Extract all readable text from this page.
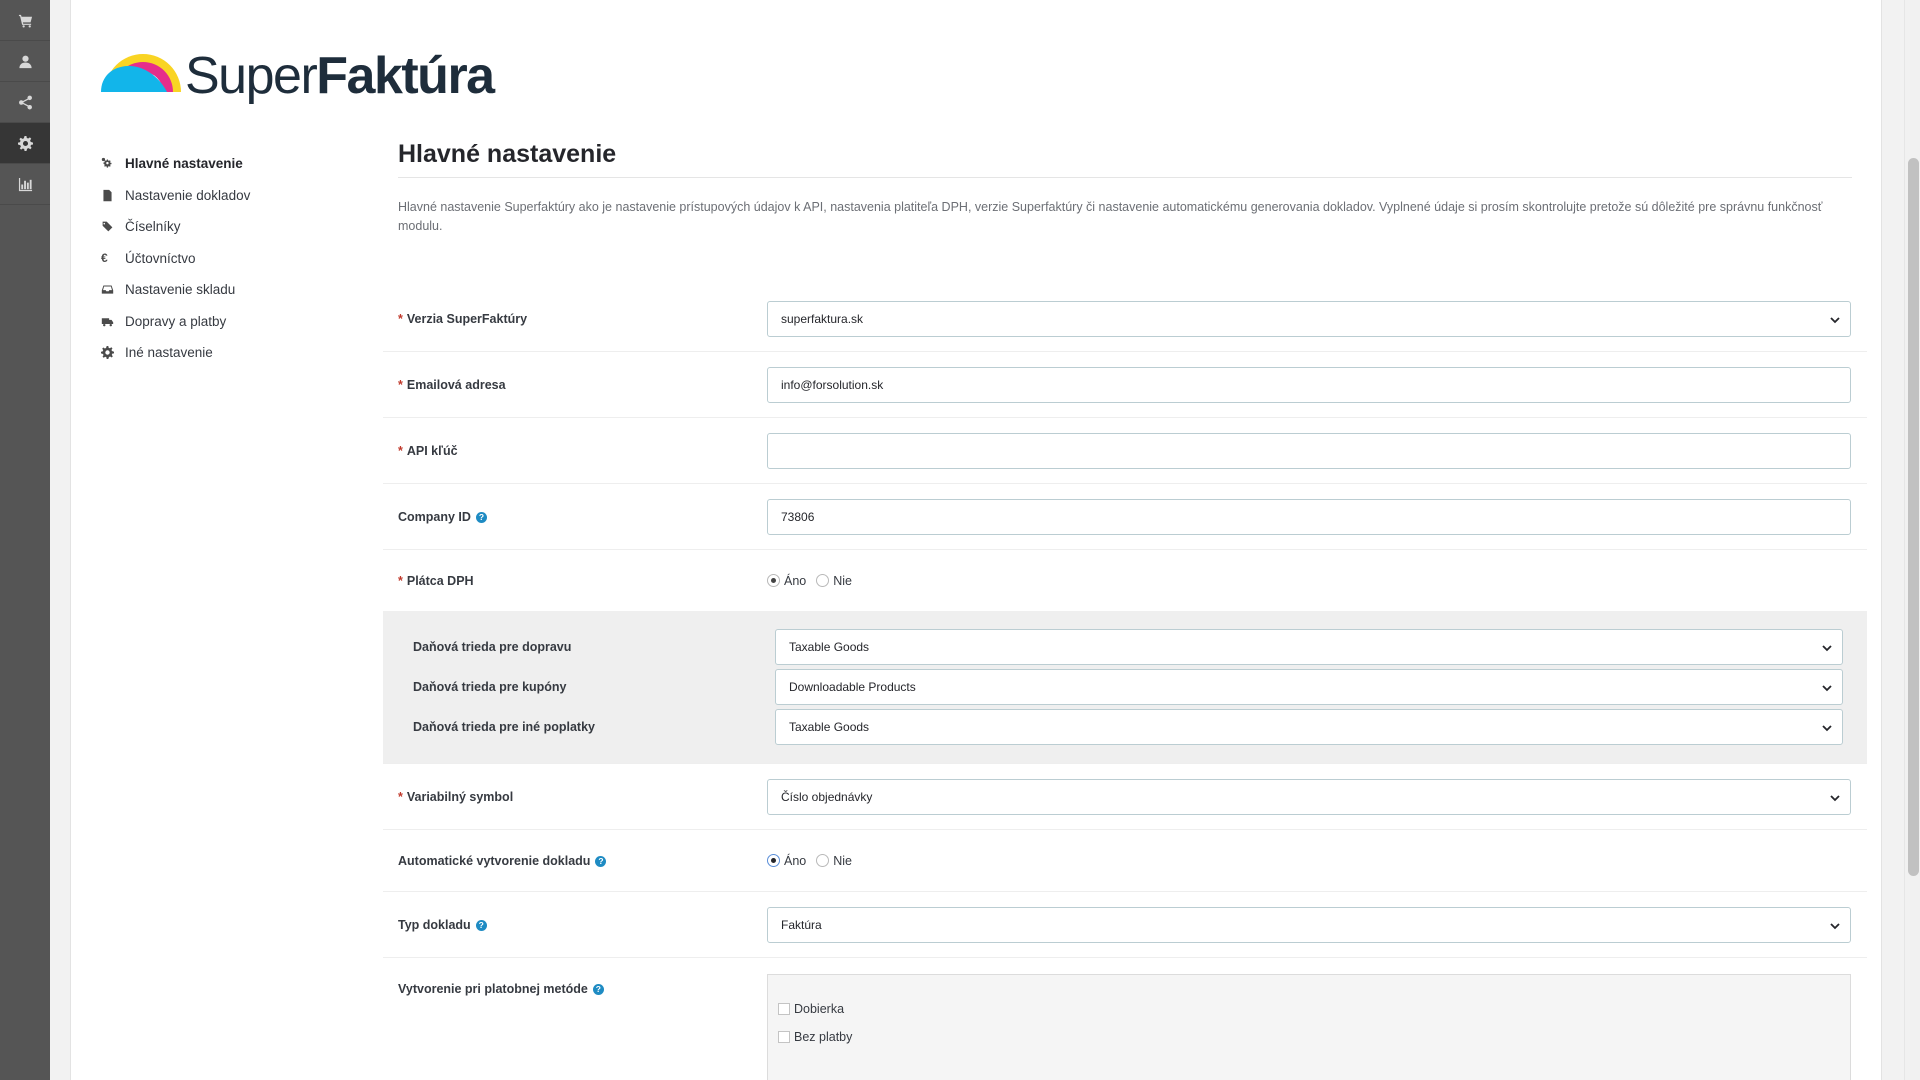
SuperFaktúra
Hlavné nastavenie
Nastavenie dokladov
Číselníky
€ Účtovníctvo
Nastavenie skladu
Dopravy a platby
Iné nastavenie
Hlavné nastavenie

Hlavné nastavenie Superfaktúry ako je nastavenie prístupových údajov k API, nastavenia platiteľa DPH, verzie Superfaktúry či nastavenie automatickému generovania dokladov. Vyplnené údaje si prosím skontrolujte pretože sú dôležité pre správnu funkčnosť modulu.

* Verzia SuperFaktúry	superfaktura.sk
* Emailová adresa	info@forsolution.sk
* API kľúč
Company ID ?	73806
* Plátca DPH	Áno Nie
Daňová trieda pre dopravu	Taxable Goods
Daňová trieda pre kupóny	Downloadable Products
Daňová trieda pre iné poplatky	Taxable Goods
* Variabilný symbol	Číslo objednávky
Automatické vytvorenie dokladu ?	Áno Nie
Typ dokladu ?	Faktúra
Vytvorenie pri platobnej metóde ?
Dobierka
Bez platby
